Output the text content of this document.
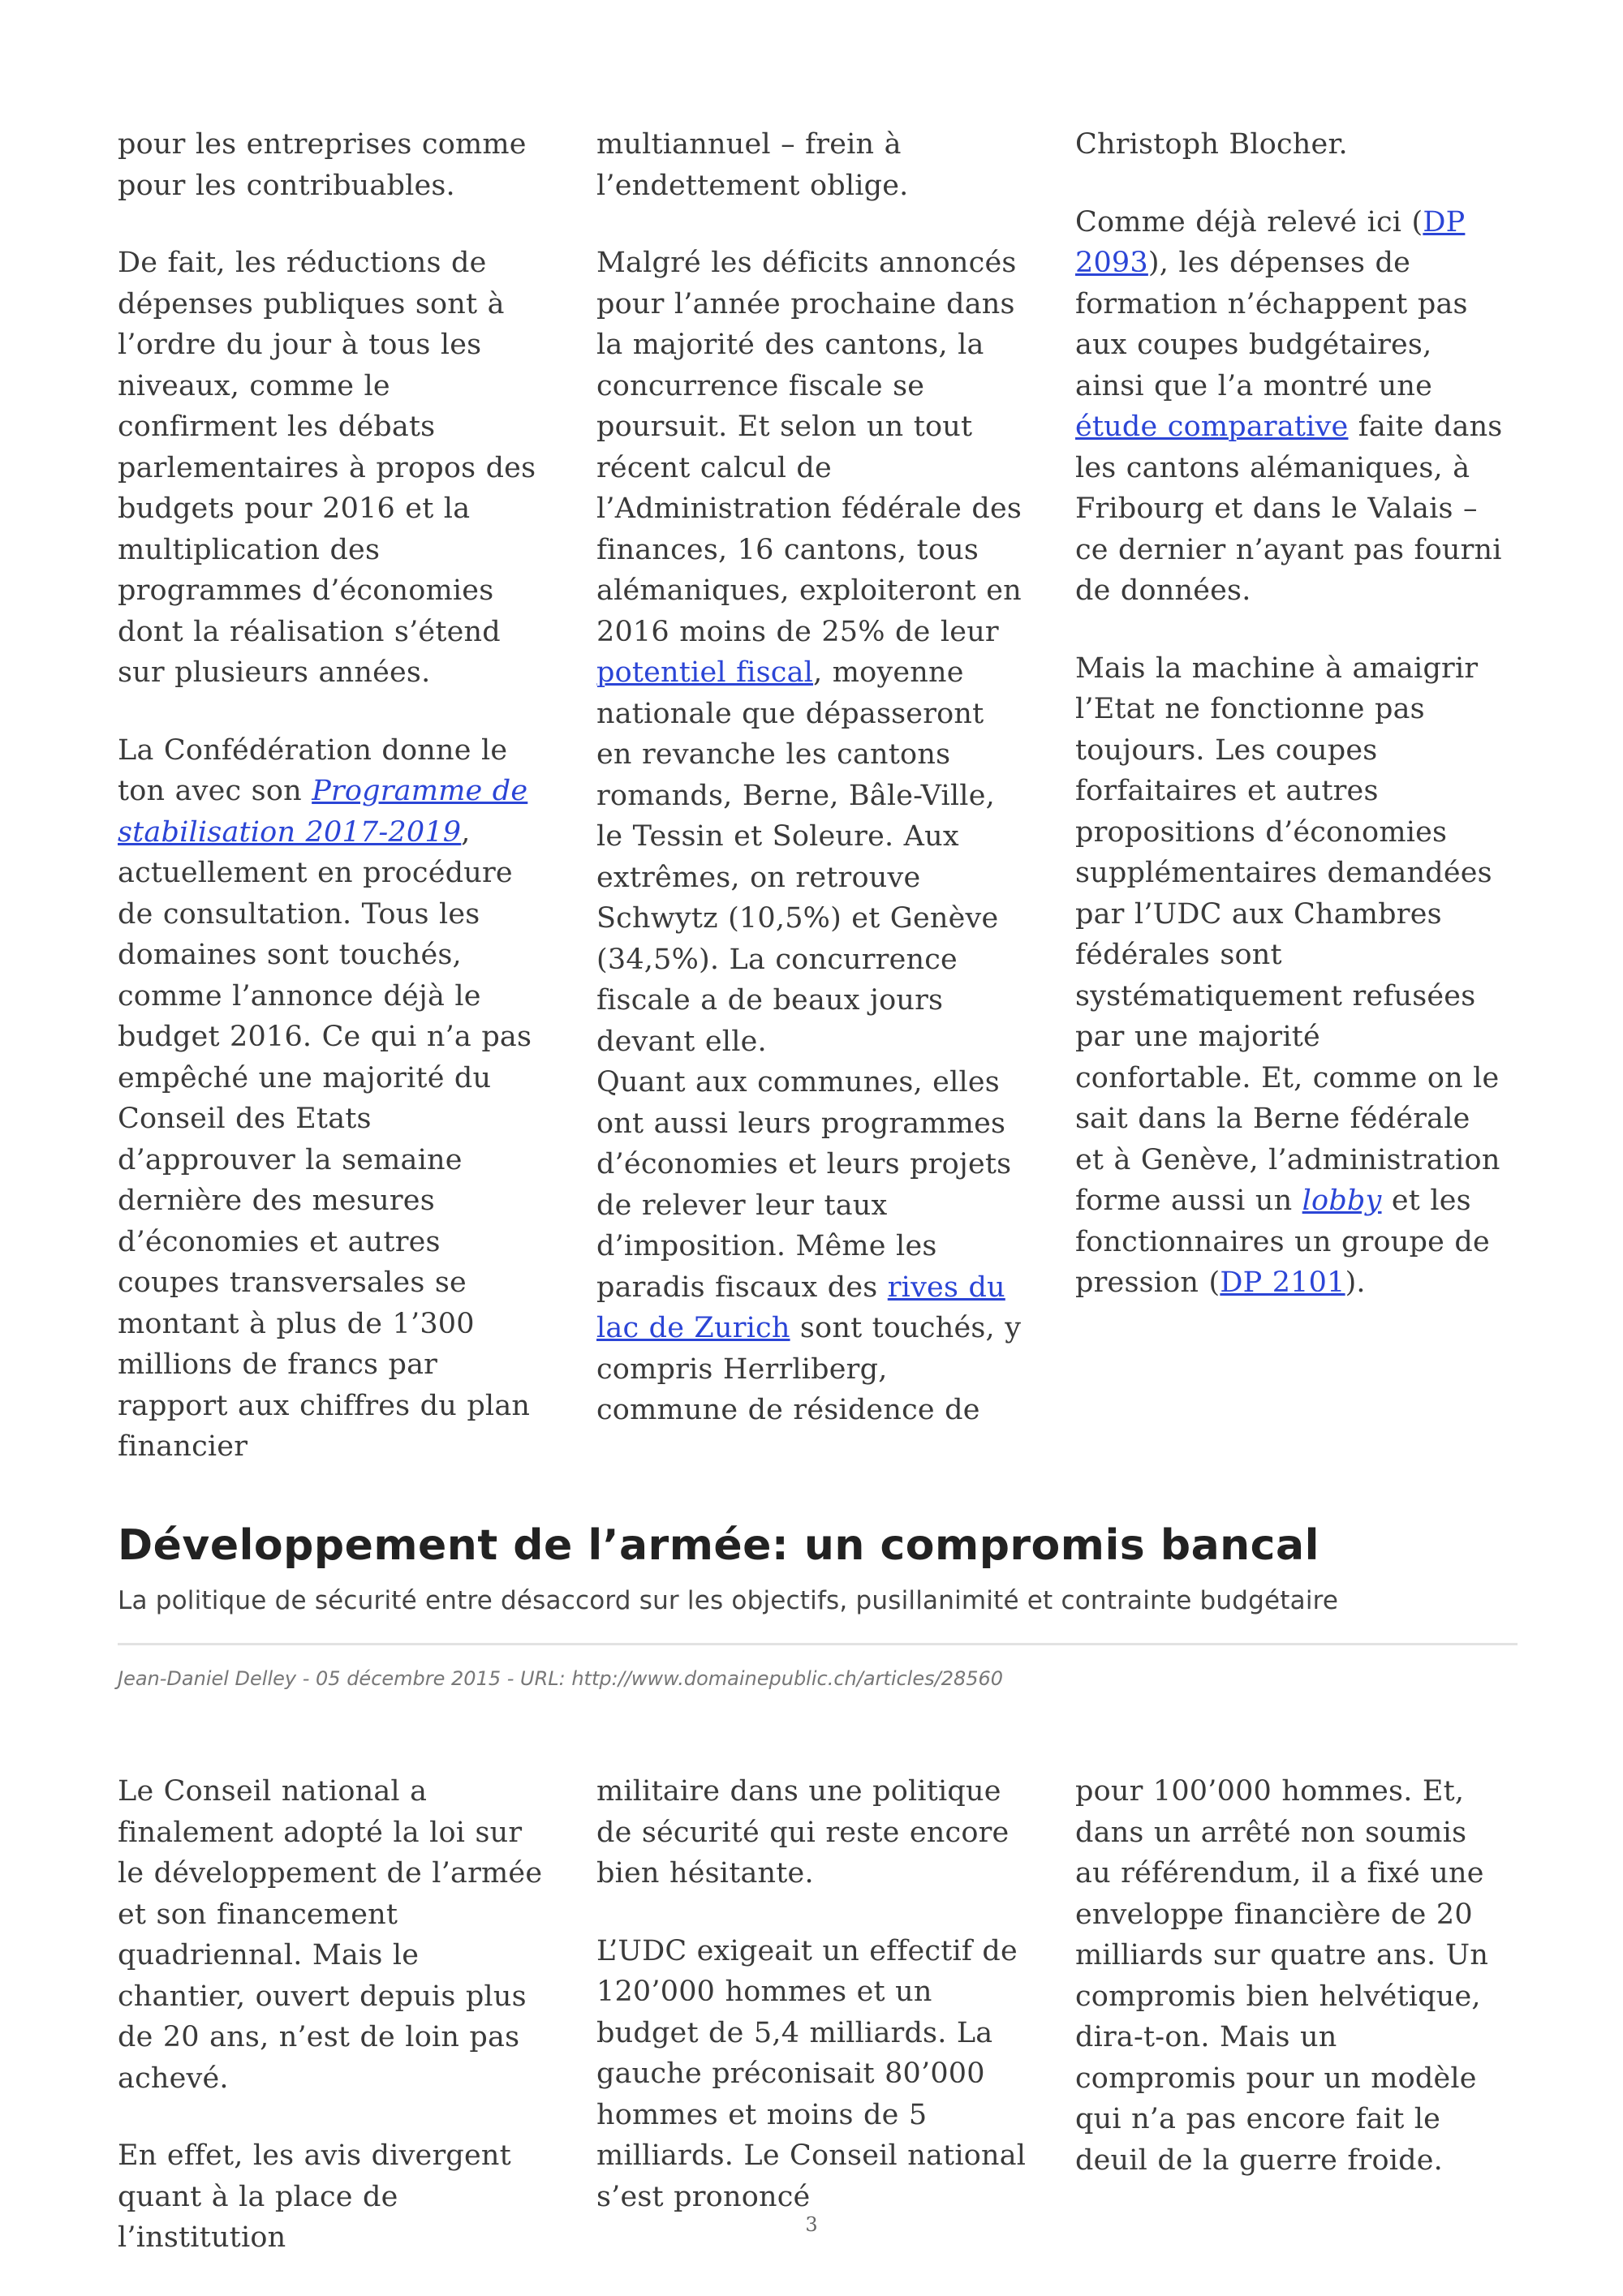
pour les entreprises comme pour les contribuables.

De fait, les réductions de dépenses publiques sont à l’ordre du jour à tous les niveaux, comme le confirment les débats parlementaires à propos des budgets pour 2016 et la multiplication des programmes d’économies dont la réalisation s’étend sur plusieurs années.

La Confédération donne le ton avec son Programme de stabilisation 2017-2019, actuellement en procédure de consultation. Tous les domaines sont touchés, comme l’annonce déjà le budget 2016. Ce qui n’a pas empêché une majorité du Conseil des Etats d’approuver la semaine dernière des mesures d’économies et autres coupes transversales se montant à plus de 1’300 millions de francs par rapport aux chiffres du plan financier

multiannuel – frein à l’endettement oblige.

Malgré les déficits annoncés pour l’année prochaine dans la majorité des cantons, la concurrence fiscale se poursuit. Et selon un tout récent calcul de l’Administration fédérale des finances, 16 cantons, tous alémaniques, exploiteront en 2016 moins de 25% de leur potentiel fiscal, moyenne nationale que dépasseront en revanche les cantons romands, Berne, Bâle-Ville, le Tessin et Soleure. Aux extrêmes, on retrouve Schwytz (10,5%) et Genève (34,5%). La concurrence fiscale a de beaux jours devant elle.

Quant aux communes, elles ont aussi leurs programmes d’économies et leurs projets de relever leur taux d’imposition. Même les paradis fiscaux des rives du lac de Zurich sont touchés, y compris Herrliberg, commune de résidence de

Christoph Blocher.

Comme déjà relevé ici (DP 2093), les dépenses de formation n’échappent pas aux coupes budgétaires, ainsi que l’a montré une étude comparative faite dans les cantons alémaniques, à Fribourg et dans le Valais – ce dernier n’ayant pas fourni de données.

Mais la machine à amaigrir l’Etat ne fonctionne pas toujours. Les coupes forfaitaires et autres propositions d’économies supplémentaires demandées par l’UDC aux Chambres fédérales sont systématiquement refusées par une majorité confortable. Et, comme on le sait dans la Berne fédérale et à Genève, l’administration forme aussi un lobby et les fonctionnaires un groupe de pression (DP 2101).

Développement de l’armée: un compromis bancal
La politique de sécurité entre désaccord sur les objectifs, pusillanimité et contrainte budgétaire
Jean-Daniel Delley - 05 décembre 2015 - URL: http://www.domainepublic.ch/articles/28560

Le Conseil national a finalement adopté la loi sur le développement de l’armée et son financement quadriennal. Mais le chantier, ouvert depuis plus de 20 ans, n’est de loin pas achevé.

En effet, les avis divergent quant à la place de l’institution

militaire dans une politique de sécurité qui reste encore bien hésitante.

L’UDC exigeait un effectif de 120’000 hommes et un budget de 5,4 milliards. La gauche préconisait 80’000 hommes et moins de 5 milliards. Le Conseil national s’est prononcé

pour 100’000 hommes. Et, dans un arrêté non soumis au référendum, il a fixé une enveloppe financière de 20 milliards sur quatre ans. Un compromis bien helvétique, dira-t-on. Mais un compromis pour un modèle qui n’a pas encore fait le deuil de la guerre froide.

3
